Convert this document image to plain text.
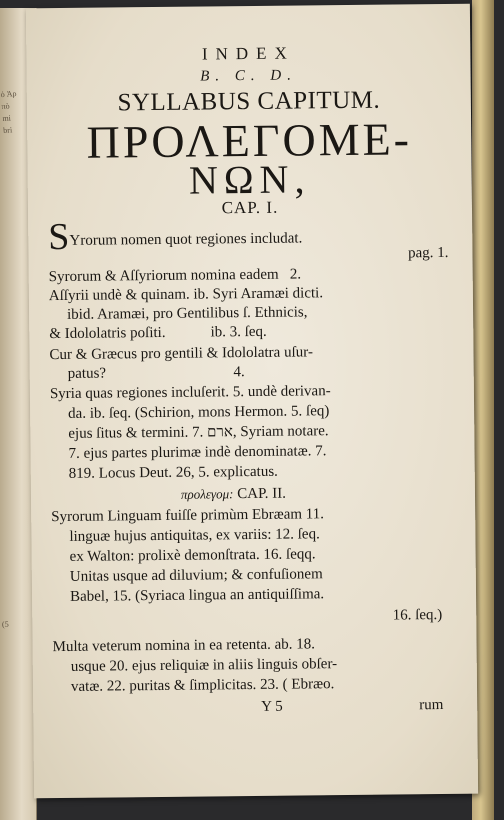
ὁ Ἀρ
πὸ
mi
bri
(5
INDEX
B. C. D.
SYLLABUS CAPITUM.
ΠΡΟΛΕΓΟΜΕ-
ΝΩΝ,
CAP. I.
SYrorum nomen quot regiones includat.
pag. 1.
Syrorum & Aſſyriorum nomina eadem   2.
Aſſyrii undè & quinam. ib. Syri Aramæi dicti.
ibid. Aramæi, pro Gentilibus ſ. Ethnicis,
& Idololatris poſiti.            ib. 3. ſeq.
Cur & Græcus pro gentili & Idololatra uſur-
patus?                                  4.
Syria quas regiones incluſerit. 5. undè derivan-
da. ib. ſeq. (Schirion, mons Hermon. 5. ſeq)
ejus ſitus & termini. 7. ארם, Syriam notare.
7. ejus partes plurimæ indè denominatæ. 7.
819. Locus Deut. 26, 5. explicatus.
προλεγομ: CAP. II.
Syrorum Linguam fuiſſe primùm Ebræam 11.
linguæ hujus antiquitas, ex variis: 12. ſeq.
ex Walton: prolixè demonſtrata. 16. ſeqq.
Unitas usque ad diluvium; & confuſionem
Babel, 15. (Syriaca lingua an antiquiſſima.
16. ſeq.)
Multa veterum nomina in ea retenta. ab. 18.
usque 20. ejus reliquiæ in aliis linguis obſer-
vatæ. 22. puritas & ſimplicitas. 23. ( Ebræo.
Y 5	rum
